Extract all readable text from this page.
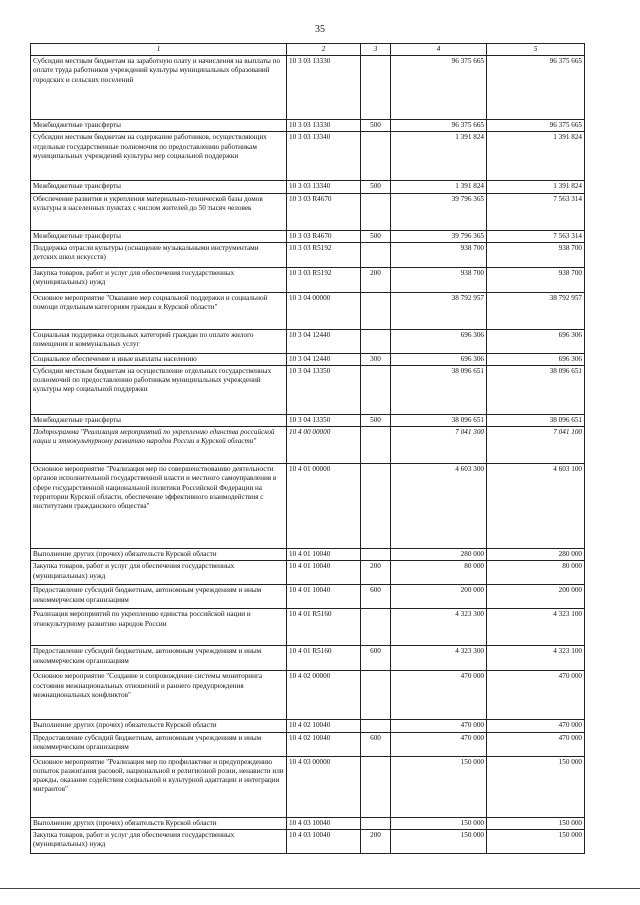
35
1	2	3	4	5
Субсидии местным бюджетам на заработную плату и начисления на выплаты по оплате труда работников учреждений культуры муниципальных образований городских и сельских поселений	10 3 03 13330		96 375 665	96 375 665
Межбюджетные трансферты	10 3 03 13330	500	96 375 665	96 375 665
Субсидии местным бюджетам на содержание работников, осуществляющих отдельные государственные полномочия по предоставлению работникам муниципальных учреждений культуры мер социальной поддержки	10 3 03 13340		1 391 824	1 391 824
Межбюджетные трансферты	10 3 03 13340	500	1 391 824	1 391 824
Обеспечение развития и укрепления материально-технической базы домов культуры в населенных пунктах с числом жителей до 50 тысяч человек	10 3 03 R4670		39 796 365	7 563 314
Межбюджетные трансферты	10 3 03 R4670	500	39 796 365	7 563 314
Поддержка отрасли культуры (оснащение музыкальными инструментами детских школ искусств)	10 3 03 R5192		938 700	938 700
Закупка товаров, работ и услуг для обеспечения государственных (муниципальных) нужд	10 3 03 R5192	200	938 700	938 700
Основное мероприятие "Оказание мер социальной поддержки и социальной помощи отдельным категориям граждан в Курской области"	10 3 04 00000		38 792 957	38 792 957
Социальная поддержка отдельных категорий граждан по оплате жилого помещения и коммунальных услуг	10 3 04 12440		696 306	696 306
Социальное обеспечение и иные выплаты населению	10 3 04 12440	300	696 306	696 306
Субсидии местным бюджетам на осуществление отдельных государственных полномочий по предоставлению работникам муниципальных учреждений культуры мер социальной поддержки	10 3 04 13350		38 096 651	38 096 651
Межбюджетные трансферты	10 3 04 13350	500	38 096 651	38 096 651
Подпрограмма "Реализация мероприятий по укреплению единства российской нации и этнокультурному развитию народов России в Курской области"	10 4 00 00000		7 041 300	7 041 100
Основное мероприятие "Реализация мер по совершенствованию деятельности органов исполнительной государственной власти и местного самоуправления в сфере государственной национальной политики Российской Федерации на территории Курской области, обеспечение эффективного взаимодействия с институтами гражданского общества"	10 4 01 00000		4 603 300	4 603 100
Выполнение других (прочих) обязательств Курской области	10 4 01 10040		280 000	280 000
Закупка товаров, работ и услуг для обеспечения государственных (муниципальных) нужд	10 4 01 10040	200	80 000	80 000
Предоставление субсидий бюджетным, автономным учреждениям и иным некоммерческим организациям	10 4 01 10040	600	200 000	200 000
Реализация мероприятий по укреплению единства российской нации и этнокультурному развитию народов России	10 4 01 R5160		4 323 300	4 323 100
Предоставление субсидий бюджетным, автономным учреждениям и иным некоммерческим организациям	10 4 01 R5160	600	4 323 300	4 323 100
Основное мероприятие "Создание и сопровождение системы мониторинга состояния межнациональных отношений и раннего предупреждения межнациональных конфликтов"	10 4 02 00000		470 000	470 000
Выполнение других (прочих) обязательств Курской области	10 4 02 10040		470 000	470 000
Предоставление субсидий бюджетным, автономным учреждениям и иным некоммерческим организациям	10 4 02 10040	600	470 000	470 000
Основное мероприятие "Реализация мер по профилактике и предупреждению попыток разжигания расовой, национальной и религиозной розни, ненависти или вражды, оказание содействия социальной и культурной адаптации и интеграции мигрантов"	10 4 03 00000		150 000	150 000
Выполнение других (прочих) обязательств Курской области	10 4 03 10040		150 000	150 000
Закупка товаров, работ и услуг для обеспечения государственных (муниципальных) нужд	10 4 03 10040	200	150 000	150 000
